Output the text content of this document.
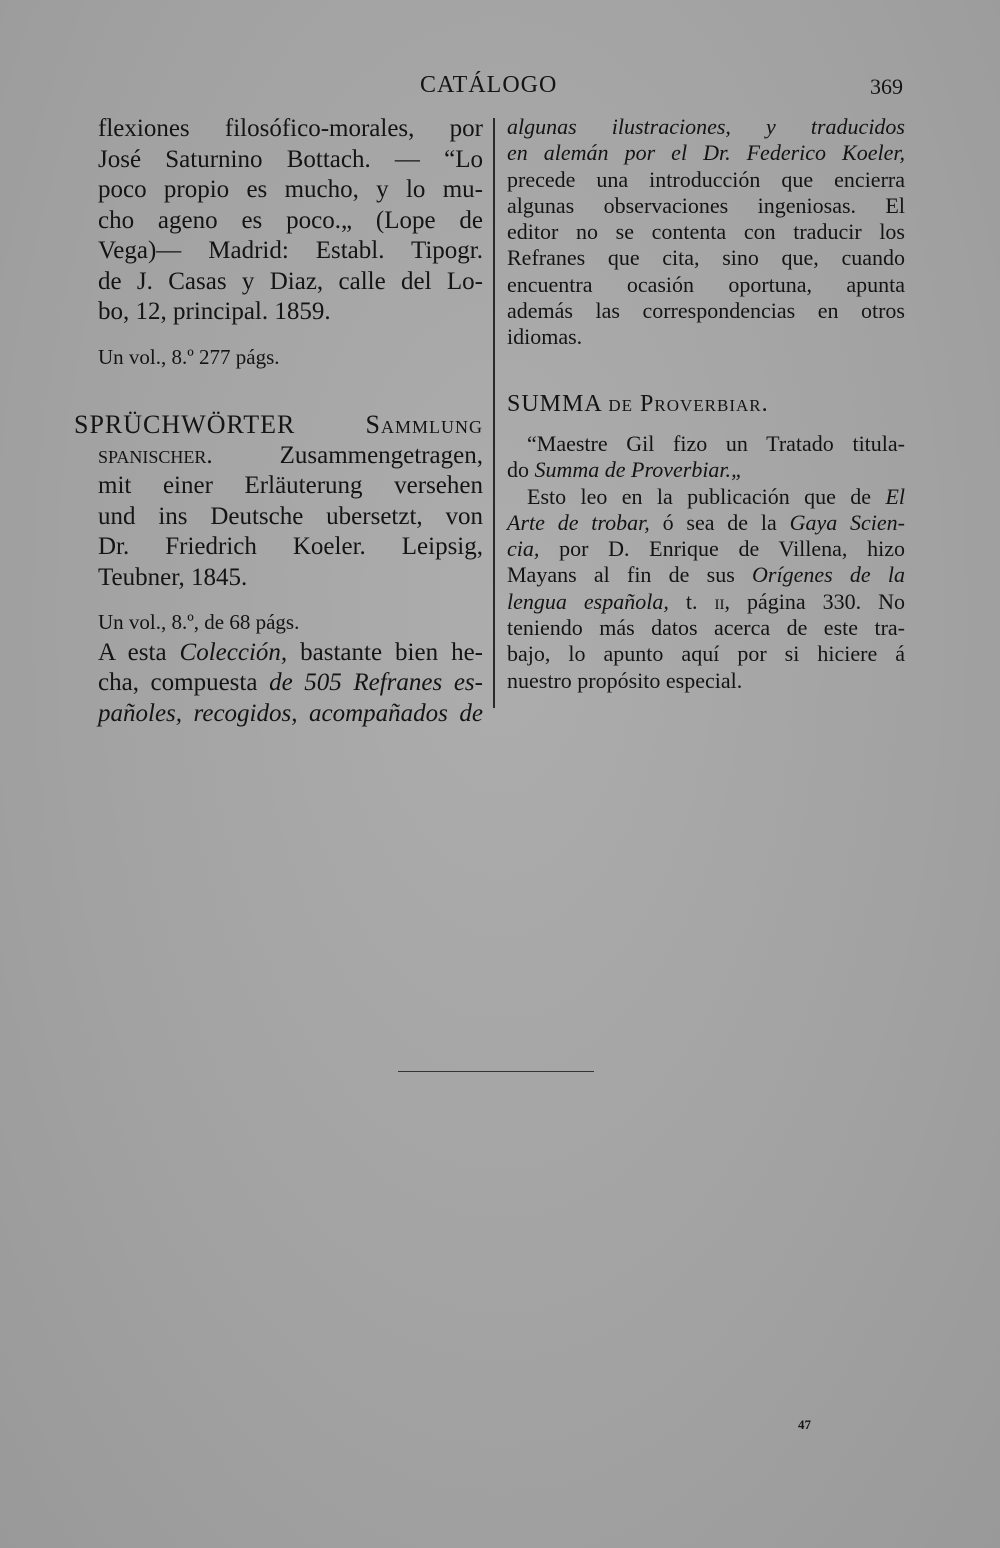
CATÁLOGO	369
flexiones filosófico-morales, por
José Saturnino Bottach. — “Lo
poco propio es mucho, y lo mu-
cho ageno es poco.„ (Lope de
Vega)— Madrid: Establ. Tipogr.
de J. Casas y Diaz, calle del Lo-
bo, 12, principal. 1859.
Un vol., 8.º 277 págs.
SPRÜCHWÖRTER	Sammlung
spanischer.	Zusammengetragen,
mit einer Erläuterung versehen
und ins Deutsche ubersetzt, von
Dr. Friedrich Koeler. Leipsig,
Teubner, 1845.
Un vol., 8.º, de 68 págs.
A esta Colección, bastante bien he-
cha, compuesta de 505 Refranes es-
pañoles, recogidos, acompañados de
algunas ilustraciones, y traducidos
en alemán por el Dr. Federico Koeler,
precede una introducción que encierra
algunas observaciones ingeniosas. El
editor no se contenta con traducir los
Refranes que cita, sino que, cuando
encuentra ocasión oportuna, apunta
además las correspondencias en otros
idiomas.
SUMMA de Proverbiar.
“Maestre Gil fizo un Tratado titula-
do Summa de Proverbiar.„
Esto leo en la publicación que de El
Arte de trobar, ó sea de la Gaya Scien-
cia, por D. Enrique de Villena, hizo
Mayans al fin de sus Orígenes de la
lengua española, t. ii, página 330. No
teniendo más datos acerca de este tra-
bajo, lo apunto aquí por si hiciere á
nuestro propósito especial.
47
